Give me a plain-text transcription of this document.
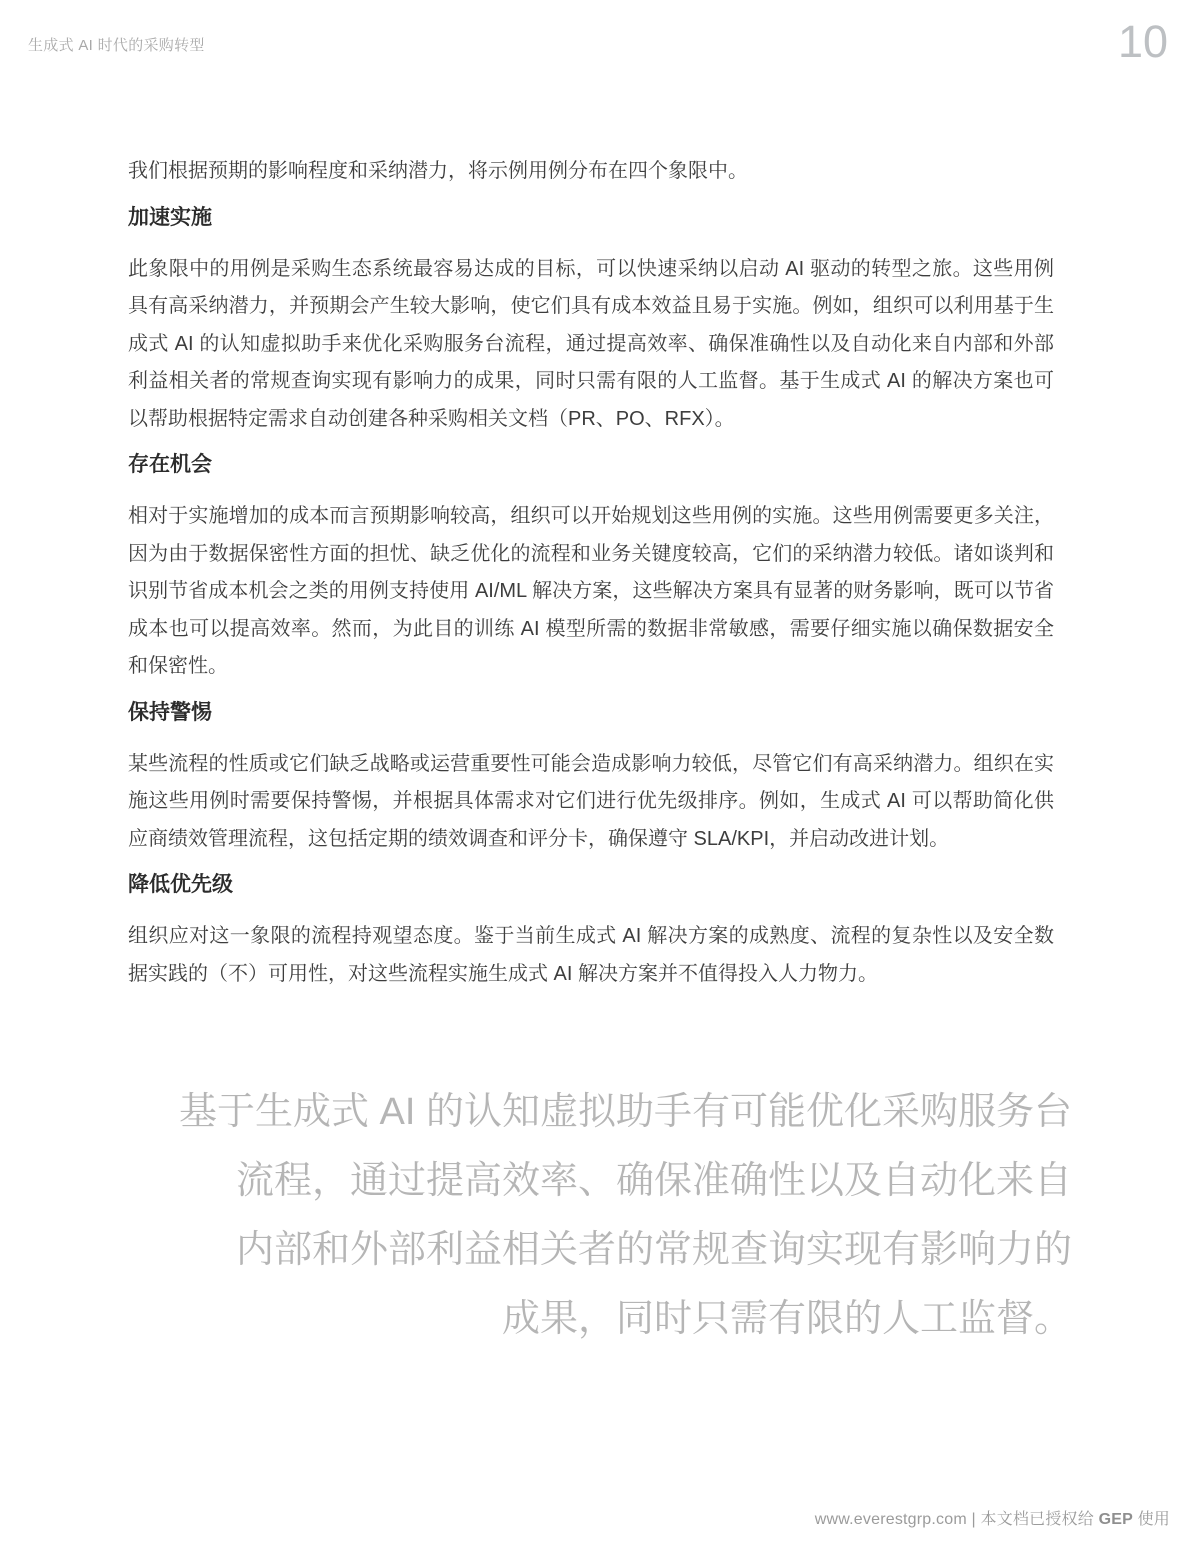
生成式 AI 时代的采购转型	10

我们根据预期的影响程度和采纳潜力，将示例用例分布在四个象限中。

加速实施

此象限中的用例是采购生态系统最容易达成的目标，可以快速采纳以启动 AI 驱动的转型之旅。这些用例具有高采纳潜力，并预期会产生较大影响，使它们具有成本效益且易于实施。例如，组织可以利用基于生成式 AI 的认知虚拟助手来优化采购服务台流程，通过提高效率、确保准确性以及自动化来自内部和外部利益相关者的常规查询实现有影响力的成果，同时只需有限的人工监督。基于生成式 AI 的解决方案也可以帮助根据特定需求自动创建各种采购相关文档（PR、PO、RFX）。

存在机会

相对于实施增加的成本而言预期影响较高，组织可以开始规划这些用例的实施。这些用例需要更多关注，因为由于数据保密性方面的担忧、缺乏优化的流程和业务关键度较高，它们的采纳潜力较低。诸如谈判和识别节省成本机会之类的用例支持使用 AI/ML 解决方案，这些解决方案具有显著的财务影响，既可以节省成本也可以提高效率。然而，为此目的训练 AI 模型所需的数据非常敏感，需要仔细实施以确保数据安全和保密性。

保持警惕

某些流程的性质或它们缺乏战略或运营重要性可能会造成影响力较低，尽管它们有高采纳潜力。组织在实施这些用例时需要保持警惕，并根据具体需求对它们进行优先级排序。例如，生成式 AI 可以帮助简化供应商绩效管理流程，这包括定期的绩效调查和评分卡，确保遵守 SLA/KPI，并启动改进计划。

降低优先级

组织应对这一象限的流程持观望态度。鉴于当前生成式 AI 解决方案的成熟度、流程的复杂性以及安全数据实践的（不）可用性，对这些流程实施生成式 AI 解决方案并不值得投入人力物力。

基于生成式 AI 的认知虚拟助手有可能优化采购服务台
流程，通过提高效率、确保准确性以及自动化来自
内部和外部利益相关者的常规查询实现有影响力的
成果，同时只需有限的人工监督。
www.everestgrp.com | 本文档已授权给 GEP 使用
